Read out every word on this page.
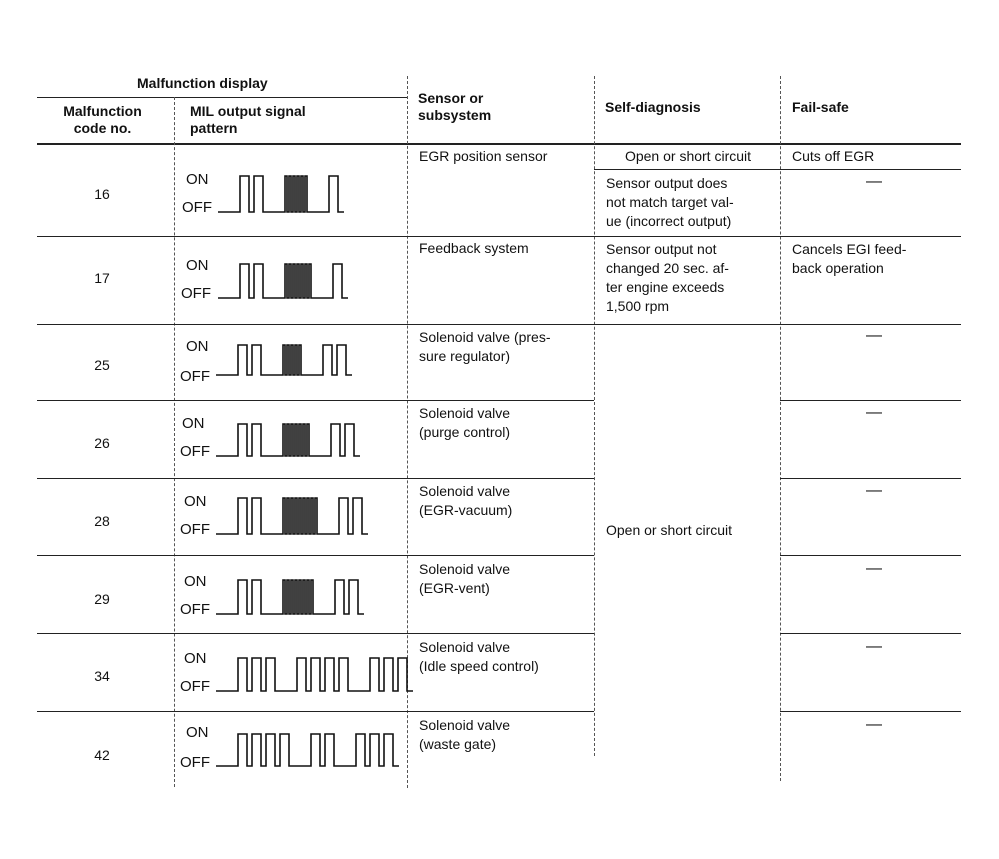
Malfunction display
Malfunction
code no.
MIL output signal
pattern
Sensor or
subsystem	Self-diagnosis	Fail-safe
16
17
25
26
28
29
34
42
ON
OFF
ON
OFF
ON
OFF
ON
OFF
ON
OFF
ON
OFF
ON
OFF
ON
OFF
EGR position sensor
Feedback system
Solenoid valve (pres-
sure regulator)
Solenoid valve
(purge control)
Solenoid valve
(EGR-vacuum)
Solenoid valve
(EGR-vent)
Solenoid valve
(Idle speed control)
Solenoid valve
(waste gate)
Open or short circuit
Sensor output does
not match target val-
ue (incorrect output)
Sensor output not
changed 20 sec. af-
ter engine exceeds
1,500 rpm
Open or short circuit
Cuts off EGR
—
Cancels EGI feed-
back operation
—
—
—
—
—
—
